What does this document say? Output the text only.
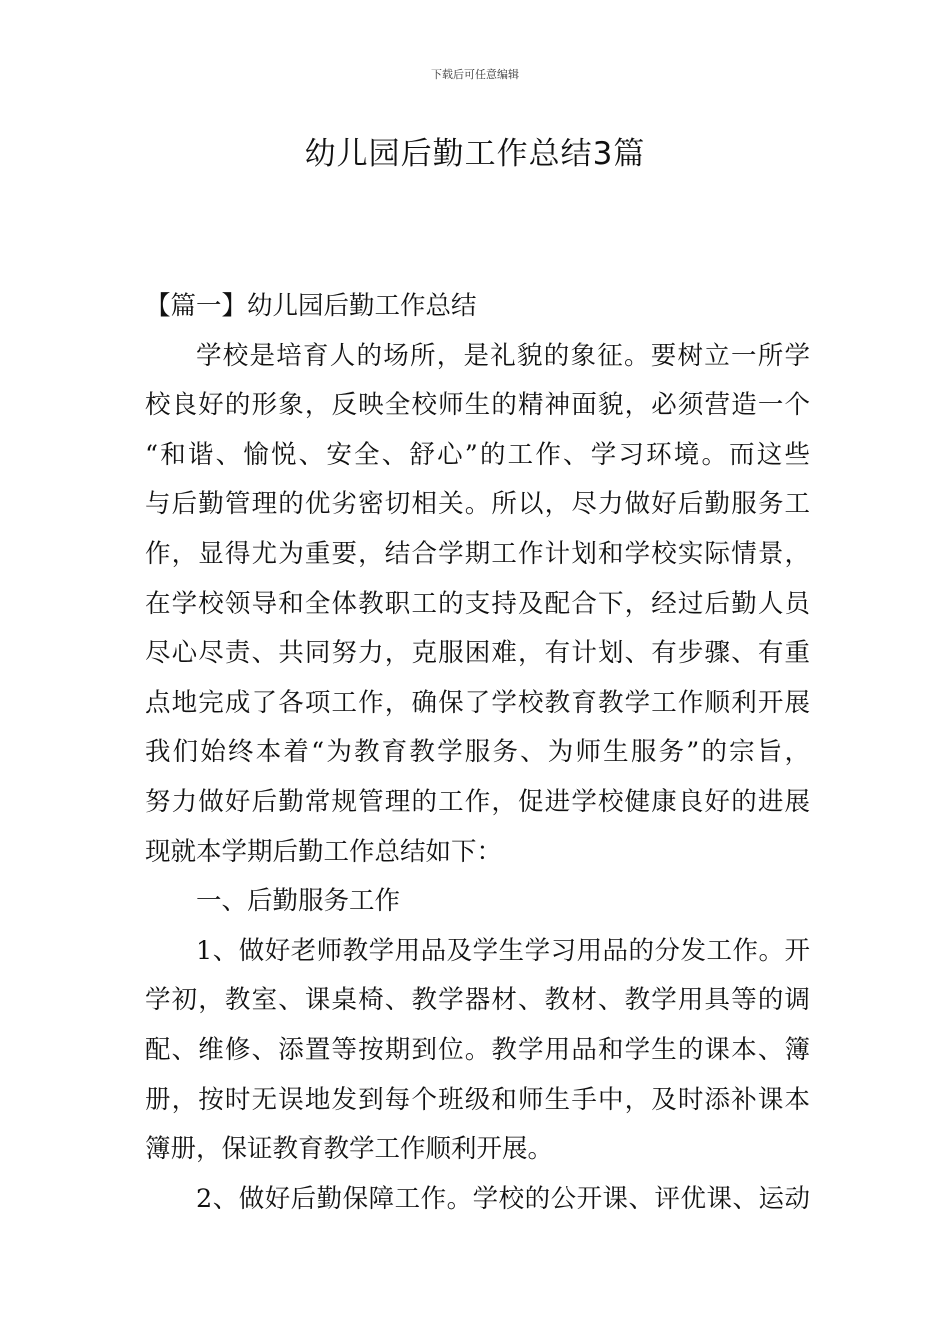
下载后可任意编辑
幼儿园后勤工作总结3篇
【篇一】幼儿园后勤工作总结
学校是培育人的场所，是礼貌的象征。要树立一所学
校良好的形象，反映全校师生的精神面貌，必须营造一个
“和谐、愉悦、安全、舒心”的工作、学习环境。而这些
与后勤管理的优劣密切相关。所以，尽力做好后勤服务工
作，显得尤为重要，结合学期工作计划和学校实际情景，
在学校领导和全体教职工的支持及配合下，经过后勤人员
尽心尽责、共同努力，克服困难，有计划、有步骤、有重
点地完成了各项工作，确保了学校教育教学工作顺利开展
我们始终本着“为教育教学服务、为师生服务”的宗旨，
努力做好后勤常规管理的工作，促进学校健康良好的进展
现就本学期后勤工作总结如下：
一、后勤服务工作
1、做好老师教学用品及学生学习用品的分发工作。开
学初，教室、课桌椅、教学器材、教材、教学用具等的调
配、维修、添置等按期到位。教学用品和学生的课本、簿
册，按时无误地发到每个班级和师生手中，及时添补课本
簿册，保证教育教学工作顺利开展。
2、做好后勤保障工作。学校的公开课、评优课、运动
